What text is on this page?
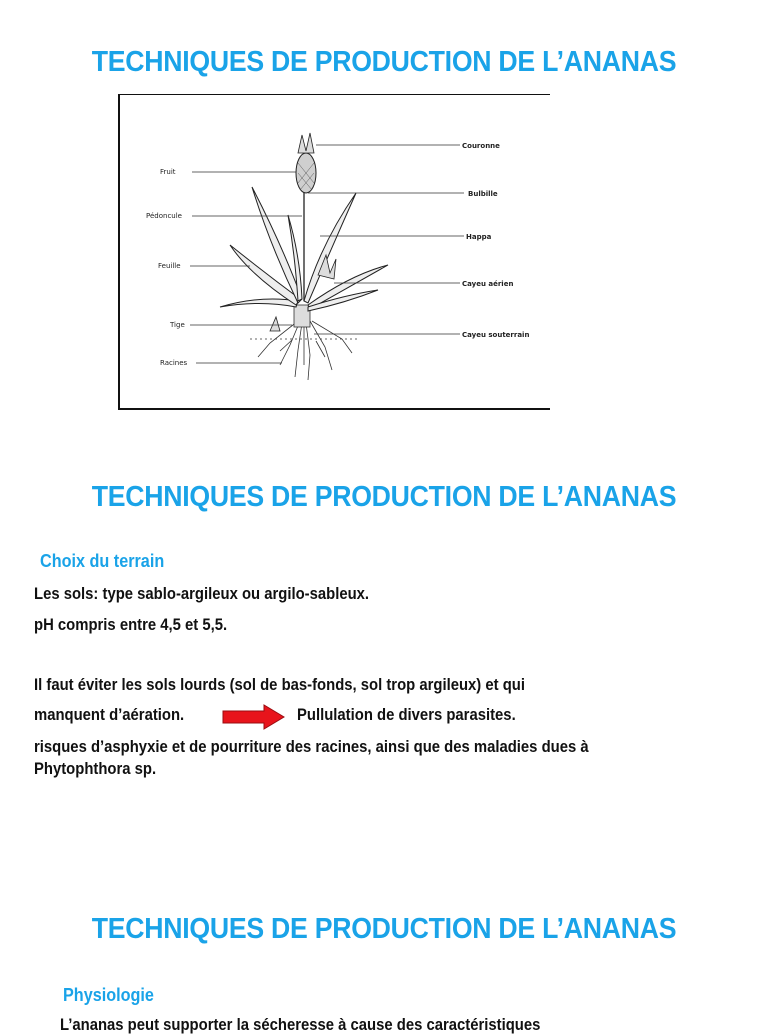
TECHNIQUES DE PRODUCTION DE L’ANANAS
Fruit
Pédoncule
Feuille
Tige
Racines
Couronne
Bulbille
Happa
Cayeu aérien
Cayeu souterrain
TECHNIQUES DE PRODUCTION DE L’ANANAS
Choix du terrain
Les sols: type sablo-argileux ou argilo-sableux.
pH compris entre 4,5 et 5,5.
Il faut éviter les sols lourds (sol de bas-fonds, sol trop argileux) et qui
manquent d’aération.	Pullulation de divers parasites.
risques d’asphyxie et de pourriture des racines, ainsi que des maladies dues à
Phytophthora sp.
TECHNIQUES DE PRODUCTION DE L’ANANAS
Physiologie
L’ananas peut supporter la sécheresse à cause des caractéristiques
